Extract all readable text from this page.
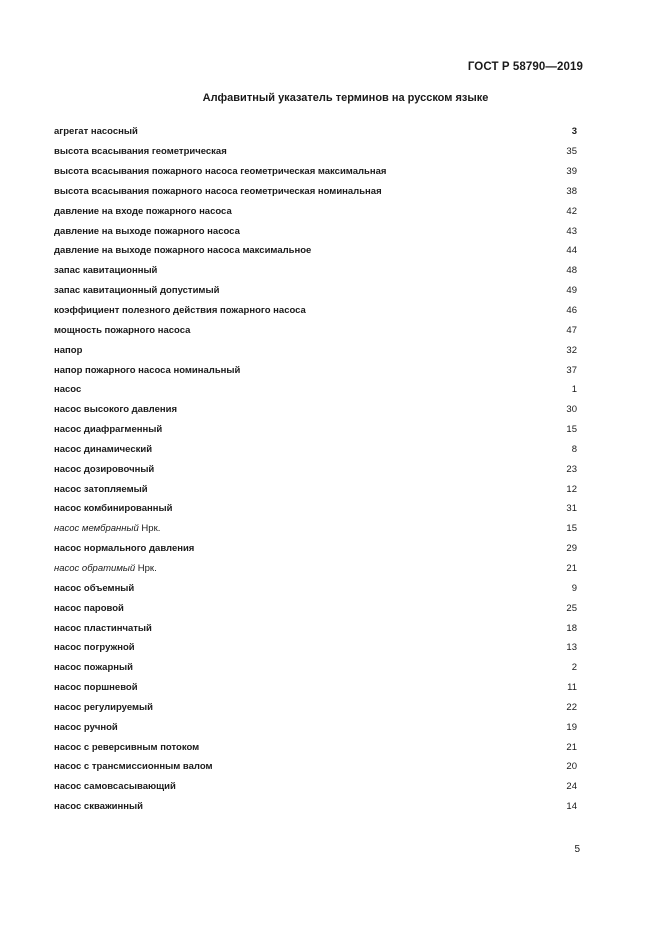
ГОСТ Р 58790—2019
Алфавитный указатель терминов на русском языке
агрегат насосный	3
высота всасывания геометрическая	35
высота всасывания пожарного насоса геометрическая максимальная	39
высота всасывания пожарного насоса геометрическая номинальная	38
давление на входе пожарного насоса	42
давление на выходе пожарного насоса	43
давление на выходе пожарного насоса максимальное	44
запас кавитационный	48
запас кавитационный допустимый	49
коэффициент полезного действия пожарного насоса	46
мощность пожарного насоса	47
напор	32
напор пожарного насоса номинальный	37
насос	1
насос высокого давления	30
насос диафрагменный	15
насос динамический	8
насос дозировочный	23
насос затопляемый	12
насос комбинированный	31
насос мембранный Нрк.	15
насос нормального давления	29
насос обратимый Нрк.	21
насос объемный	9
насос паровой	25
насос пластинчатый	18
насос погружной	13
насос пожарный	2
насос поршневой	11
насос регулируемый	22
насос ручной	19
насос с реверсивным потоком	21
насос с трансмиссионным валом	20
насос самовсасывающий	24
насос скважинный	14
5
